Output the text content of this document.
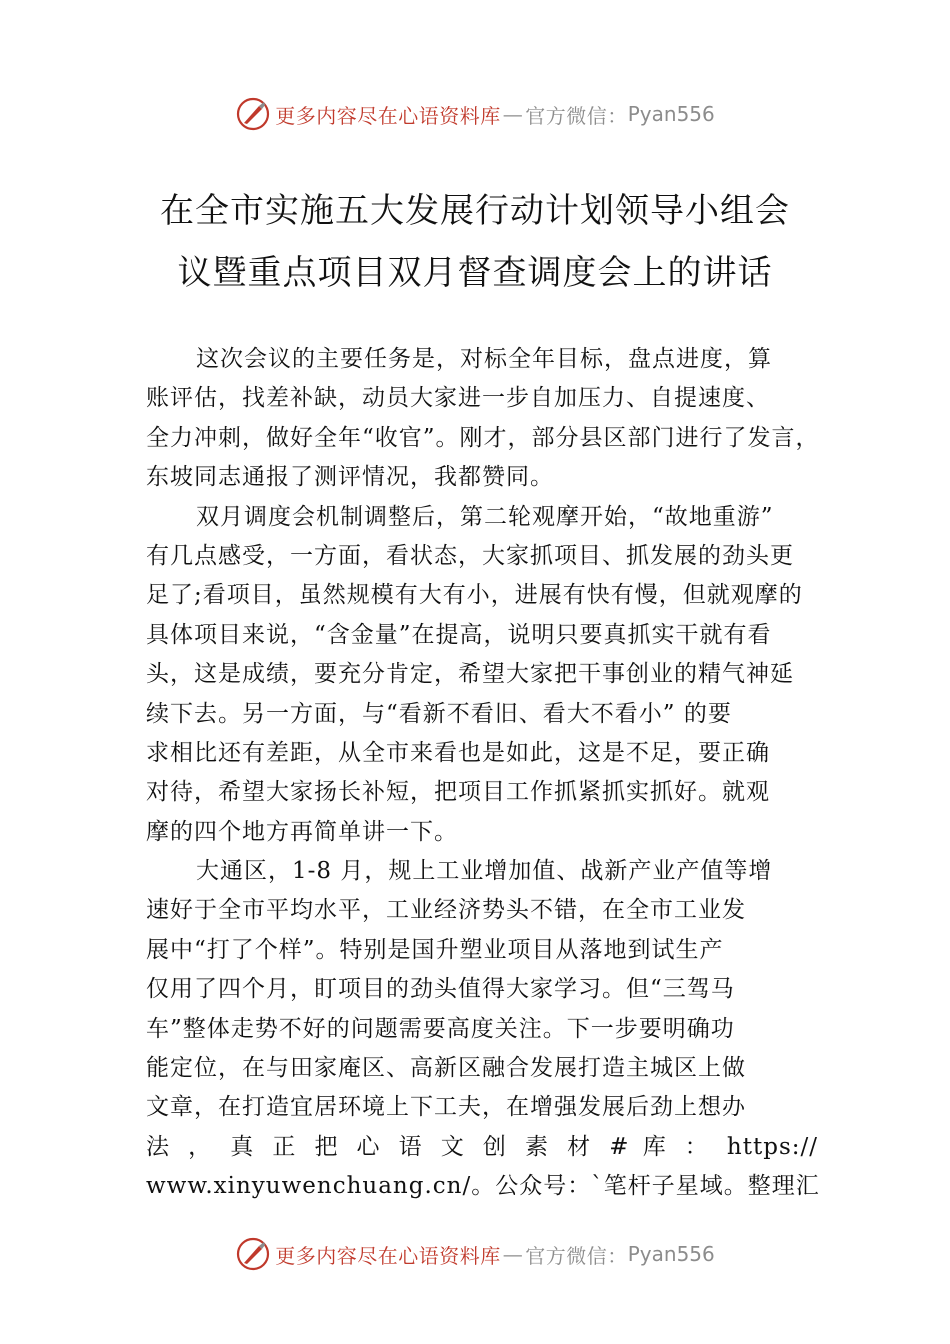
更多内容尽在心语资料库 — 官方微信： Pyan556
在全市实施五大发展行动计划领导小组会
议暨重点项目双月督查调度会上的讲话
这次会议的主要任务是，对标全年目标，盘点进度，算
账评估，找差补缺，动员大家进一步自加压力、自提速度、
全力冲刺，做好全年“收官”。刚才，部分县区部门进行了发言，
东坡同志通报了测评情况，我都赞同。
双月调度会机制调整后，第二轮观摩开始，“故地重游”
有几点感受，一方面，看状态，大家抓项目、抓发展的劲头更
足了;看项目，虽然规模有大有小，进展有快有慢，但就观摩的
具体项目来说，“含金量”在提高，说明只要真抓实干就有看
头，这是成绩，要充分肯定，希望大家把干事创业的精气神延
续下去。另一方面，与“看新不看旧、看大不看小” 的要
求相比还有差距，从全市来看也是如此，这是不足，要正确
对待，希望大家扬长补短，把项目工作抓紧抓实抓好。就观
摩的四个地方再简单讲一下。
大通区，1-8 月，规上工业增加值、战新产业产值等增
速好于全市平均水平，工业经济势头不错，在全市工业发
展中“打了个样”。特别是国升塑业项目从落地到试生产
仅用了四个月，盯项目的劲头值得大家学习。但“三驾马
车”整体走势不好的问题需要高度关注。下一步要明确功
能定位，在与田家庵区、高新区融合发展打造主城区上做
文章，在打造宜居环境上下工夫，在增强发展后劲上想办
法 ， 真 正 把 心 语 文 创 素 材 # 库 ： https://
www.xinyuwenchuang.cn/。公众号：`笔杆子星域。整理汇
更多内容尽在心语资料库 — 官方微信： Pyan556
